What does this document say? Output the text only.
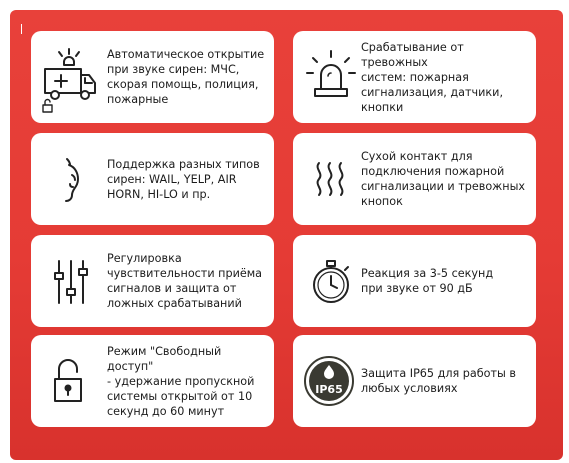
Автоматическое открытие
при звуке сирен: МЧС,
скорая помощь, полиция,
пожарные
Срабатывание от тревожных
систем: пожарная
сигнализация, датчики,
кнопки
Поддержка разных типов
сирен: WAIL, YELP, AIR
HORN, HI-LO и пр.
Сухой контакт для
подключения пожарной
сигнализации и тревожных
кнопок
Регулировка
чувствительности приёма
сигналов и защита от
ложных срабатываний
Реакция за 3-5 секунд
при звуке от 90 дБ
Режим "Свободный доступ"
- удержание пропускной
системы открытой от 10
секунд до 60 минут
IP65
Защита IP65 для работы в
любых условиях
